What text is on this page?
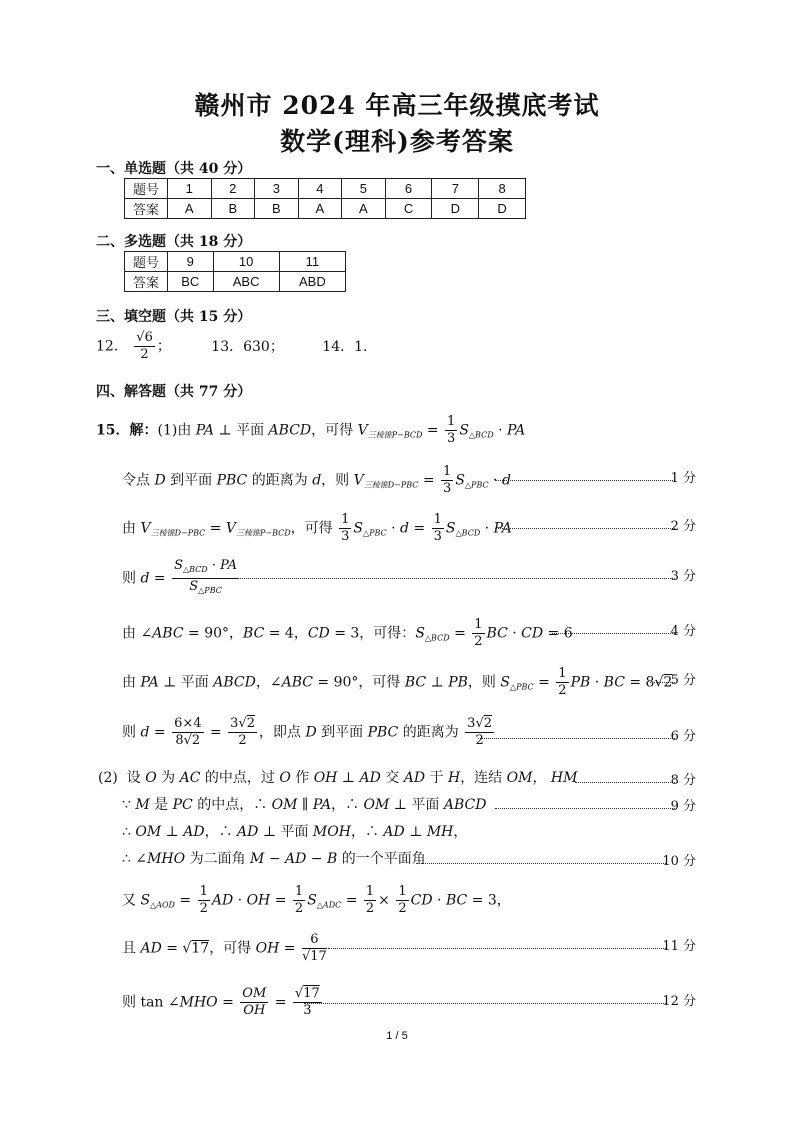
赣州市 2024 年高三年级摸底考试
数学(理科)参考答案
一、单选题（共 40 分）
题号	1	2	3	4	5	6	7	8
答案	A	B	B	A	A	C	D	D
二、多选题（共 18 分）
题号	9	10	11
答案	BC	ABC	ABD
三、填空题（共 15 分）
12． $\frac{√6}{2}$ ；	13．630；	14．1．
四、解答题（共 77 分）
15．解：(1)由 PA ⊥ 平面 ABCD，可得 $V_{三棱锥P-BCD} = \frac{1}{3} S_{\triangle BCD}$ · PA
令点 D 到平面 PBC 的距离为 d，则 $V_{三棱锥D-PBC} = \frac{1}{3} S_{\triangle PBC} \cdot d$	1 分
由 $V_{三棱锥D-PBC} = V_{三棱锥P-BCD}$，可得 $\frac{1}{3} S_{\triangle PBC} \cdot d = \frac{1}{3} S_{\triangle BCD}$ · PA	2 分
则 $d = \frac{S_{\triangle BCD} \cdot PA}{S_{\triangle PBC}}$	3 分
由 ∠ABC = 90°，BC = 4，CD = 3，可得：$S_{\triangle BCD} = \frac{1}{2}$ BC · CD = 6	4 分
由 PA ⊥ 平面 ABCD，∠ABC = 90°，可得 BC ⊥ PB，则 $S_{\triangle PBC} = \frac{1}{2}$ PB · BC = 8√2
5 分
则 $d = \frac{6\times 4}{8√2} = \frac{3√2}{2}$ ，即点 D 到平面 PBC 的距离为 $\frac{3√2}{2}$	6 分
(2)  设 O 为 AC 的中点，过 O 作 OH ⊥ AD 交 AD 于 H，连结 OM， HM	8 分
∵ M 是 PC 的中点，∴ OM ∥ PA，∴ OM ⊥ 平面 ABCD	9 分
∴ OM ⊥ AD，∴ AD ⊥ 平面 MOH，∴ AD ⊥ MH，
∴ ∠MHO 为二面角 M − AD − B 的一个平面角	10 分
又 $S_{\triangle AOD} = \frac{1}{2}$ AD · OH = $\frac{1}{2} S_{\triangle ADC} = \frac{1}{2} \times \frac{1}{2}$ CD · BC = 3，
且 AD = √17，可得 OH = $\frac{6}{√17}$	11 分
则 tan ∠MHO = $\frac{OM}{OH} = \frac{√17}{3}$	12 分
1 / 5
